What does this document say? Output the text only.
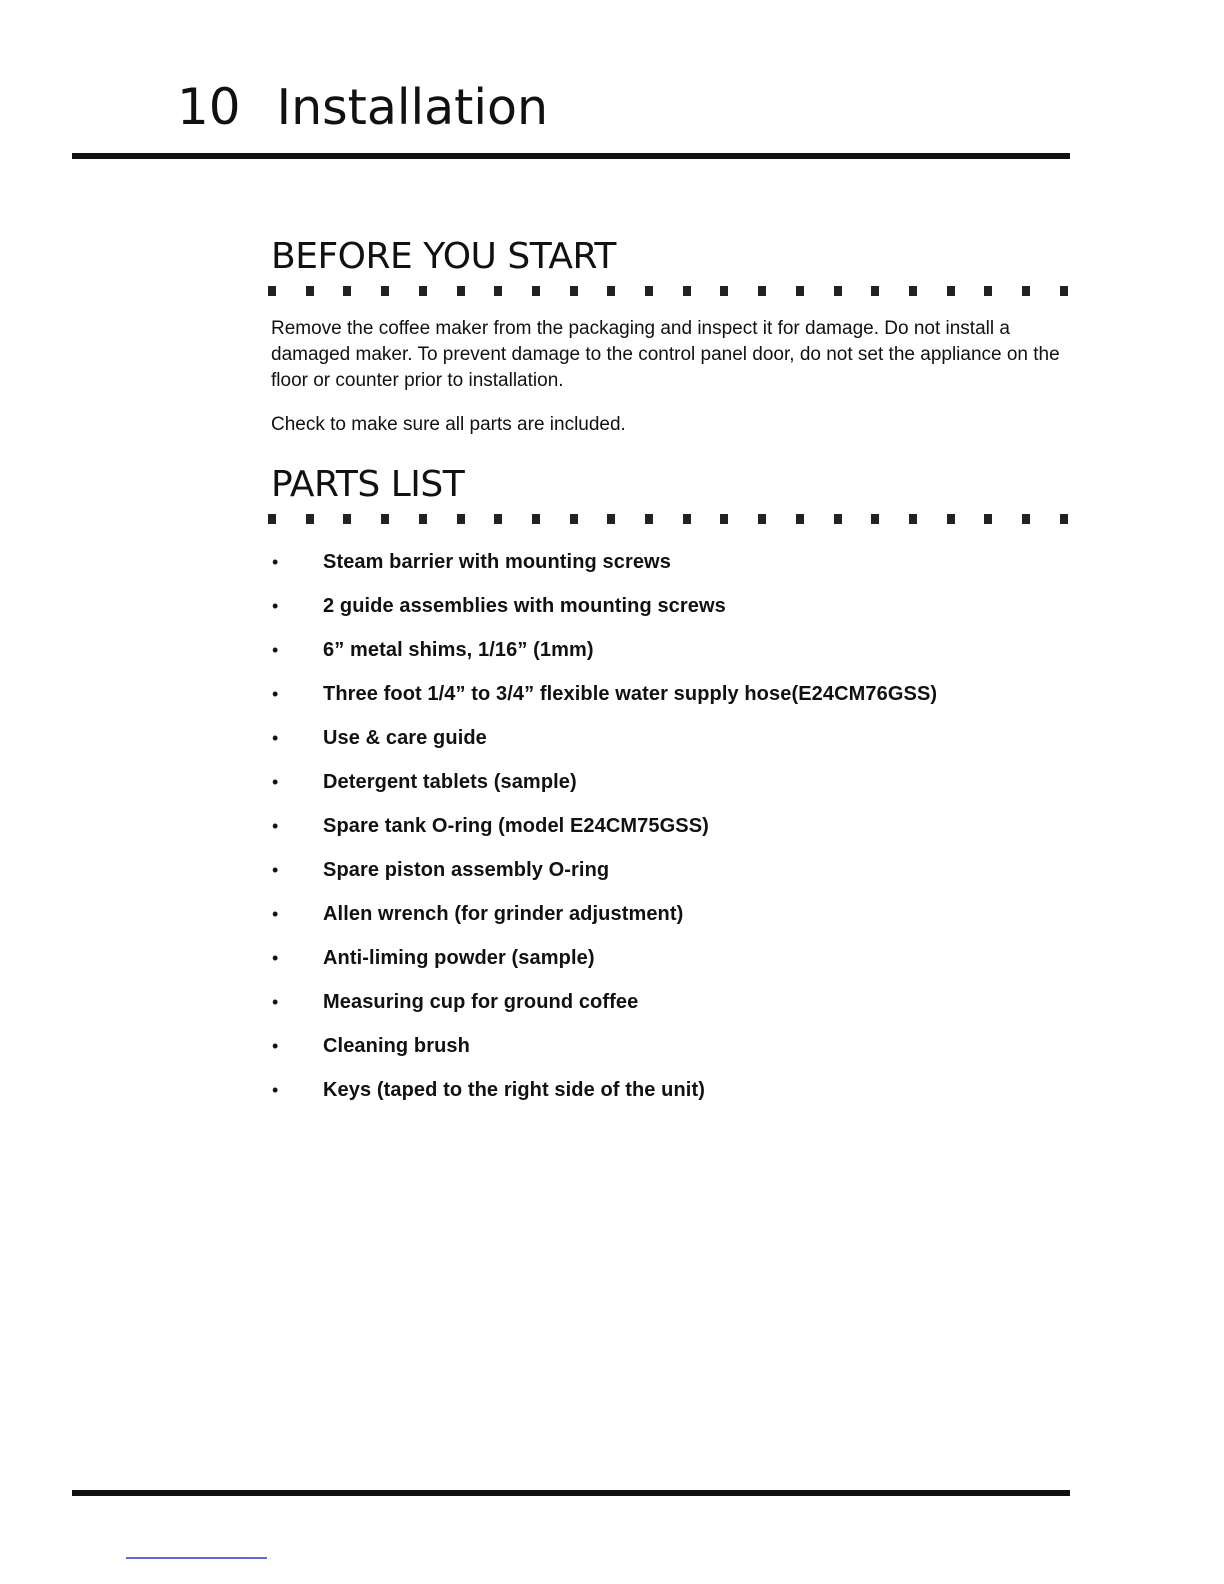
10 Installation
BEFORE YOU START

Remove the coffee maker from the packaging and inspect it for damage. Do not install a damaged maker. To prevent damage to the control panel door, do not set the appliance on the floor or counter prior to installation.

Check to make sure all parts are included.

PARTS LIST
•	Steam barrier with mounting screws
•	2 guide assemblies with mounting screws
•	6” metal shims, 1/16” (1mm)
•	Three foot 1/4” to 3/4” flexible water supply hose(E24CM76GSS)
•	Use & care guide
•	Detergent tablets (sample)
•	Spare tank O-ring (model E24CM75GSS)
•	Spare piston assembly O-ring
•	Allen wrench (for grinder adjustment)
•	Anti-liming powder (sample)
•	Measuring cup for ground coffee
•	Cleaning brush
•	Keys (taped to the right side of the unit)
